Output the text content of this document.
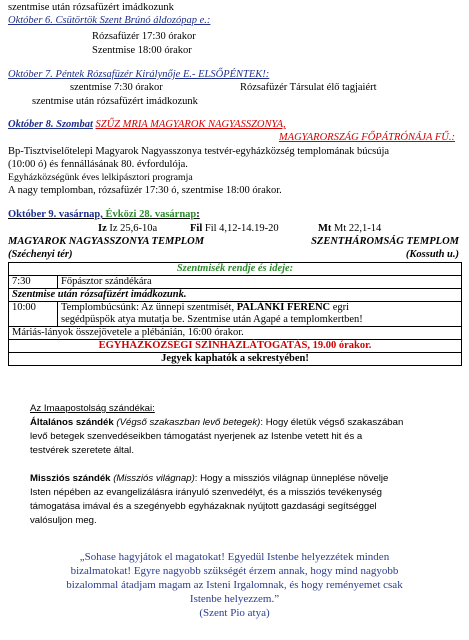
szentmise után rózsafüzért imádkozunk
Október 6. Csütörtök Szent Brúnó áldozópap e.:
Rózsafüzér 17:30 órakor
Szentmise 18:00 órakor
Október 7. Péntek Rózsafüzér Királynője E.- ELSŐPÉNTEK!:
szentmise 7:30 órakor	Rózsafüzér Társulat élő tagjaiért
szentmise után rózsafüzért imádkozunk
Október 8. Szombat SZŰZ MRIA MAGYAROK NAGYASSZONYA,
MAGYARORSZÁG FŐPÁTRÓNÁJA FŰ.:
Bp-Tisztviselőtelepi Magyarok Nagyasszonya testvér-egyházközség templomának búcsúja
(10:00 ó) és fennállásának 80. évfordulója.
Egyházközségünk éves lelkipásztori programja
A nagy templomban, rózsafüzér 17:30 ó, szentmise 18:00 órakor.
Október 9. vasárnap, Évközi 28. vasárnap:
Iz Iz 25,6-10a	Fil Fil 4,12-14.19-20	Mt Mt 22,1-14
MAGYAROK NAGYASSZONYA TEMPLOM	SZENTHÁROMSÁG TEMPLOM
(Széchenyi tér)	(Kossuth u.)
Szentmisék rendje és ideje:	
7:30	Főpásztor szándékára
Szentmise után rózsafüzért imádkozunk.	
10:00	Templombúcsúnk: Az ünnepi szentmisét, PALÁNKI FERENC egri
segédpüspök atya mutatja be. Szentmise után Agapé a templomkertben!
Máriás-lányok összejövetele a plébánián, 16:00 órakor.	
EGYHÁZKÖZSÉGI SZÍNHÁZLÁTOGATÁS, 19.00 órakor.	
Jegyek kaphatók a sekrestyében!	
Az Imaapostolság szándékai:
Általános szándék (Végső szakaszban levő betegek): Hogy életük végső szakaszában
levő betegek szenvedéseikben támogatást nyerjenek az Istenbe vetett hit és a
testvérek szeretete által.
Missziós szándék (Missziós világnap): Hogy a missziós világnap ünneplése növelje
Isten népében az evangelizálásra irányuló szenvedélyt, és a missziós tevékenység
támogatása imával és a szegényebb egyházaknak nyújtott gazdasági segítséggel
valósuljon meg.
„Sohase hagyjátok el magatokat! Egyedül Istenbe helyezzétek minden
bizalmatokat! Egyre nagyobb szükségét érzem annak, hogy mind nagyobb
bizalommal átadjam magam az Isteni Irgalomnak, és hogy reményemet csak
Istenbe helyezzem.”
(Szent Pio atya)
